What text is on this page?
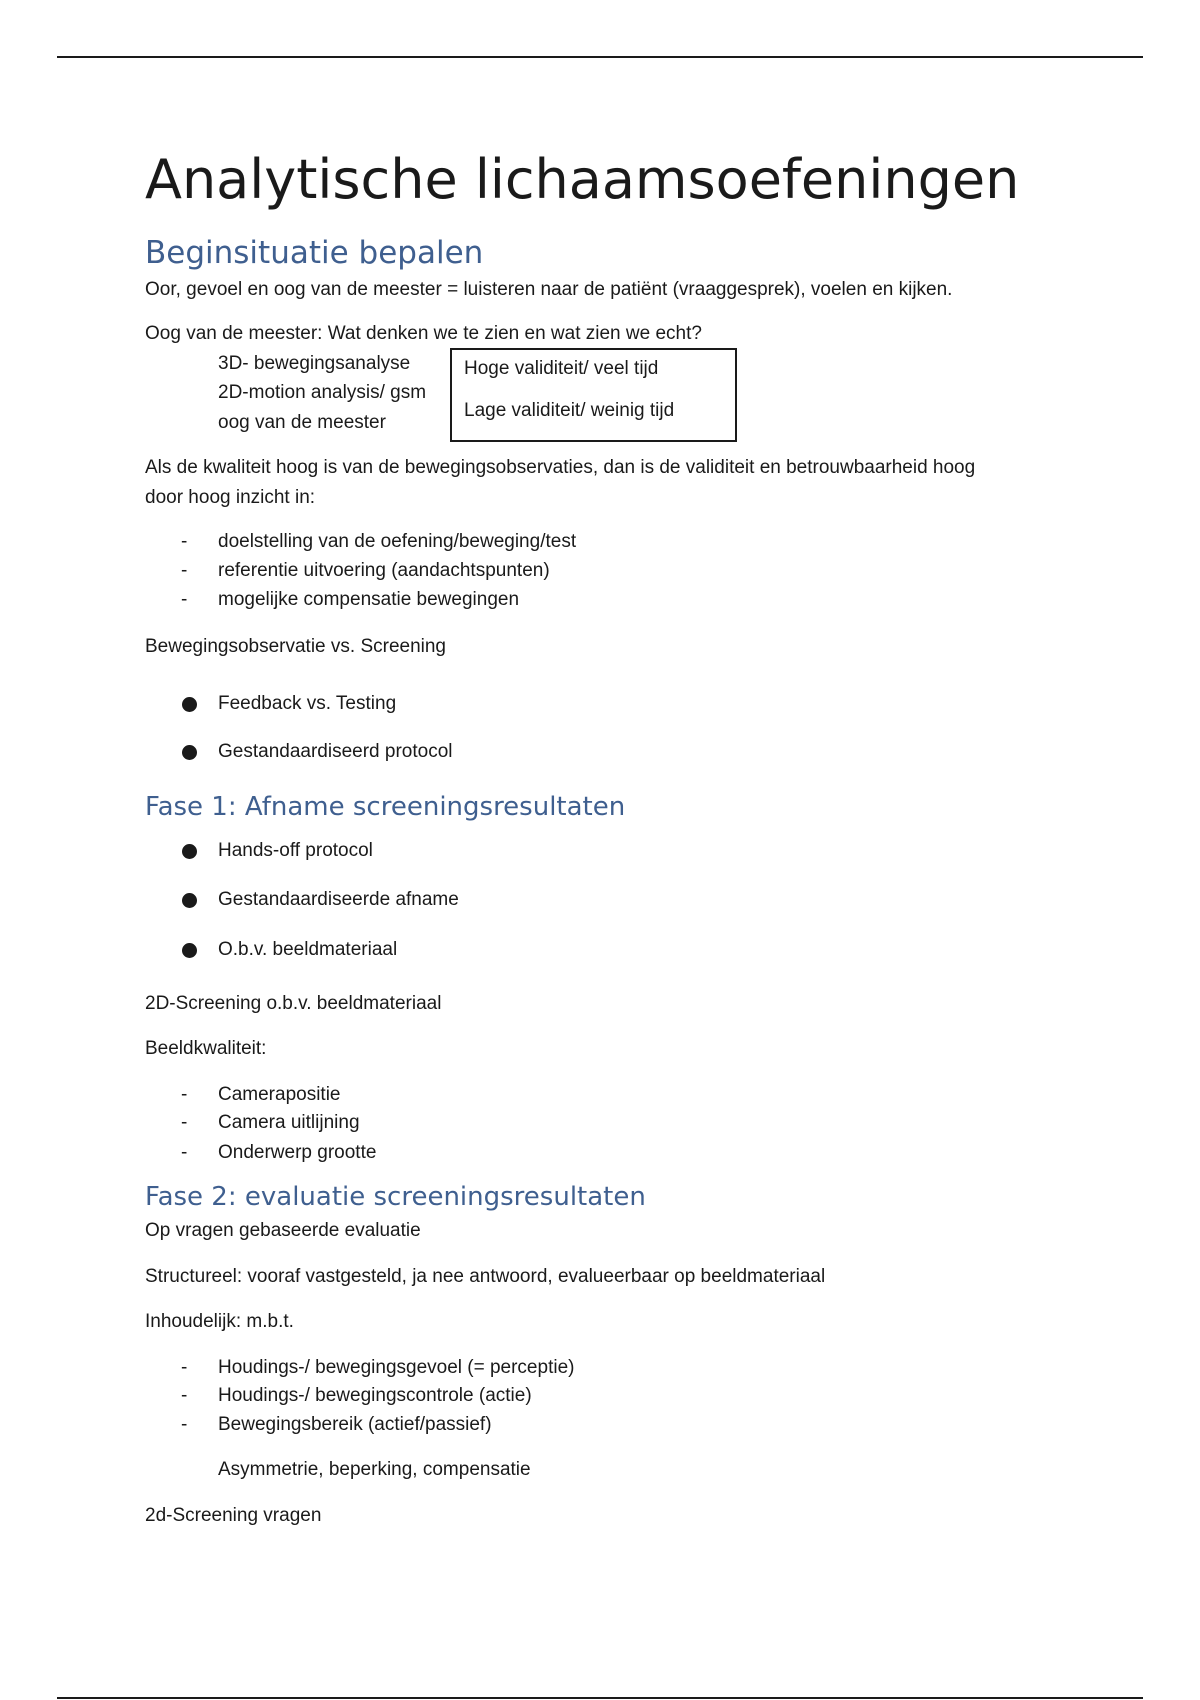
Analytische lichaamsoefeningen
Beginsituatie bepalen
Oor, gevoel en oog van de meester = luisteren naar de patiënt (vraaggesprek), voelen en kijken.
Oog van de meester: Wat denken we te zien en wat zien we echt?
3D- bewegingsanalyse
2D-motion analysis/ gsm
oog van de meester
Hoge validiteit/ veel tijd
Lage validiteit/ weinig tijd
Als de kwaliteit hoog is van de bewegingsobservaties, dan is de validiteit en betrouwbaarheid hoog
door hoog inzicht in:
- doelstelling van de oefening/beweging/test
- referentie uitvoering (aandachtspunten)
- mogelijke compensatie bewegingen
Bewegingsobservatie vs. Screening
Feedback vs. Testing
Gestandaardiseerd protocol
Fase 1: Afname screeningsresultaten
Hands-off protocol
Gestandaardiseerde afname
O.b.v. beeldmateriaal
2D-Screening o.b.v. beeldmateriaal
Beeldkwaliteit:
- Camerapositie
- Camera uitlijning
- Onderwerp grootte
Fase 2: evaluatie screeningsresultaten
Op vragen gebaseerde evaluatie
Structureel: vooraf vastgesteld, ja nee antwoord, evalueerbaar op beeldmateriaal
Inhoudelijk: m.b.t.
- Houdings-/ bewegingsgevoel (= perceptie)
- Houdings-/ bewegingscontrole (actie)
- Bewegingsbereik (actief/passief)
Asymmetrie, beperking, compensatie
2d-Screening vragen
